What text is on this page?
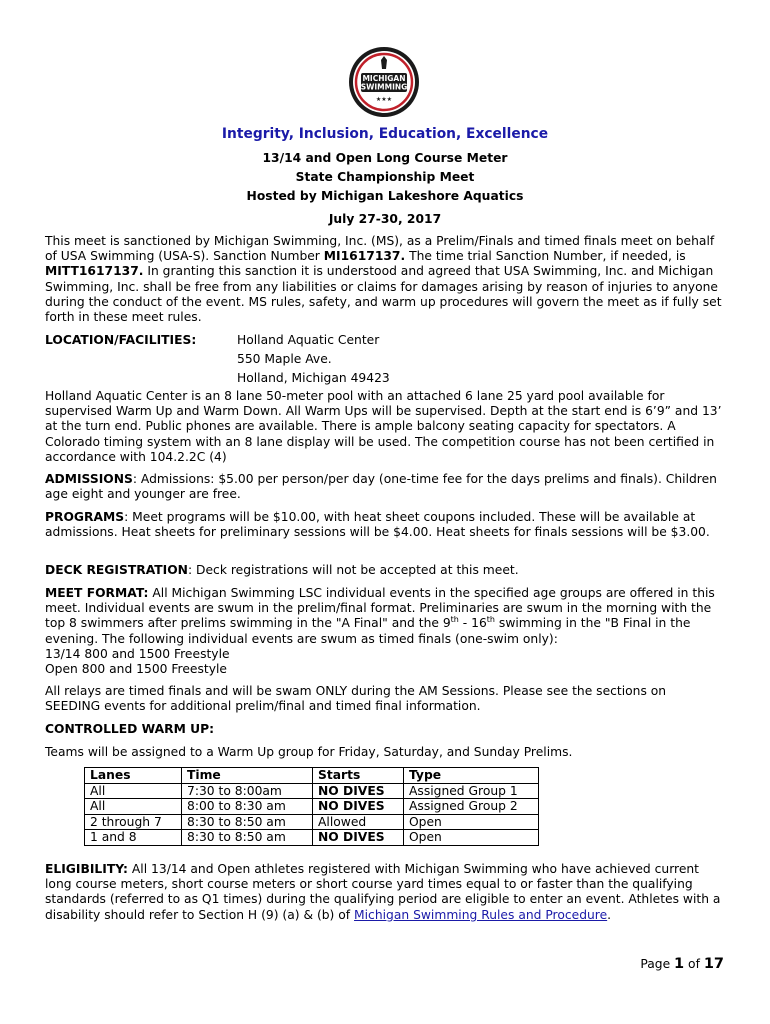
MICHIGAN
SWIMMING
★★★
Integrity, Inclusion, Education, Excellence
13/14 and Open Long Course Meter
State Championship Meet
Hosted by Michigan Lakeshore Aquatics
July 27-30, 2017

This meet is sanctioned by Michigan Swimming, Inc. (MS), as a Prelim/Finals and timed finals meet on behalf of USA Swimming (USA-S). Sanction Number MI1617137. The time trial Sanction Number, if needed, is MITT1617137. In granting this sanction it is understood and agreed that USA Swimming, Inc. and Michigan Swimming, Inc. shall be free from any liabilities or claims for damages arising by reason of injuries to anyone during the conduct of the event. MS rules, safety, and warm up procedures will govern the meet as if fully set forth in these meet rules.

LOCATION/FACILITIES:	Holland Aquatic Center
550 Maple Ave.
Holland, Michigan 49423
Holland Aquatic Center is an 8 lane 50-meter pool with an attached 6 lane 25 yard pool available for supervised Warm Up and Warm Down. All Warm Ups will be supervised. Depth at the start end is 6’9” and 13’ at the turn end. Public phones are available. There is ample balcony seating capacity for spectators. A Colorado timing system with an 8 lane display will be used. The competition course has not been certified in accordance with 104.2.2C (4)

ADMISSIONS: Admissions: $5.00 per person/per day (one-time fee for the days prelims and finals). Children age eight and younger are free.

PROGRAMS: Meet programs will be $10.00, with heat sheet coupons included. These will be available at admissions. Heat sheets for preliminary sessions will be $4.00. Heat sheets for finals sessions will be $3.00.

DECK REGISTRATION: Deck registrations will not be accepted at this meet.

MEET FORMAT: All Michigan Swimming LSC individual events in the specified age groups are offered in this meet. Individual events are swum in the prelim/final format. Preliminaries are swum in the morning with the top 8 swimmers after prelims swimming in the "A Final" and the 9th - 16th swimming in the "B Final in the evening. The following individual events are swum as timed finals (one-swim only):

13/14 800 and 1500 Freestyle

Open 800 and 1500 Freestyle

All relays are timed finals and will be swam ONLY during the AM Sessions. Please see the sections on SEEDING events for additional prelim/final and timed final information.

CONTROLLED WARM UP:

Teams will be assigned to a Warm Up group for Friday, Saturday, and Sunday Prelims.
Lanes	Time	Starts	Type
All	7:30 to 8:00am	NO DIVES	Assigned Group 1
All	8:00 to 8:30 am	NO DIVES	Assigned Group 2
2 through 7	8:30 to 8:50 am	Allowed	Open
1 and 8	8:30 to 8:50 am	NO DIVES	Open

ELIGIBILITY: All 13/14 and Open athletes registered with Michigan Swimming who have achieved current long course meters, short course meters or short course yard times equal to or faster than the qualifying standards (referred to as Q1 times) during the qualifying period are eligible to enter an event. Athletes with a disability should refer to Section H (9) (a) & (b) of Michigan Swimming Rules and Procedure.

Page 1 of 17
